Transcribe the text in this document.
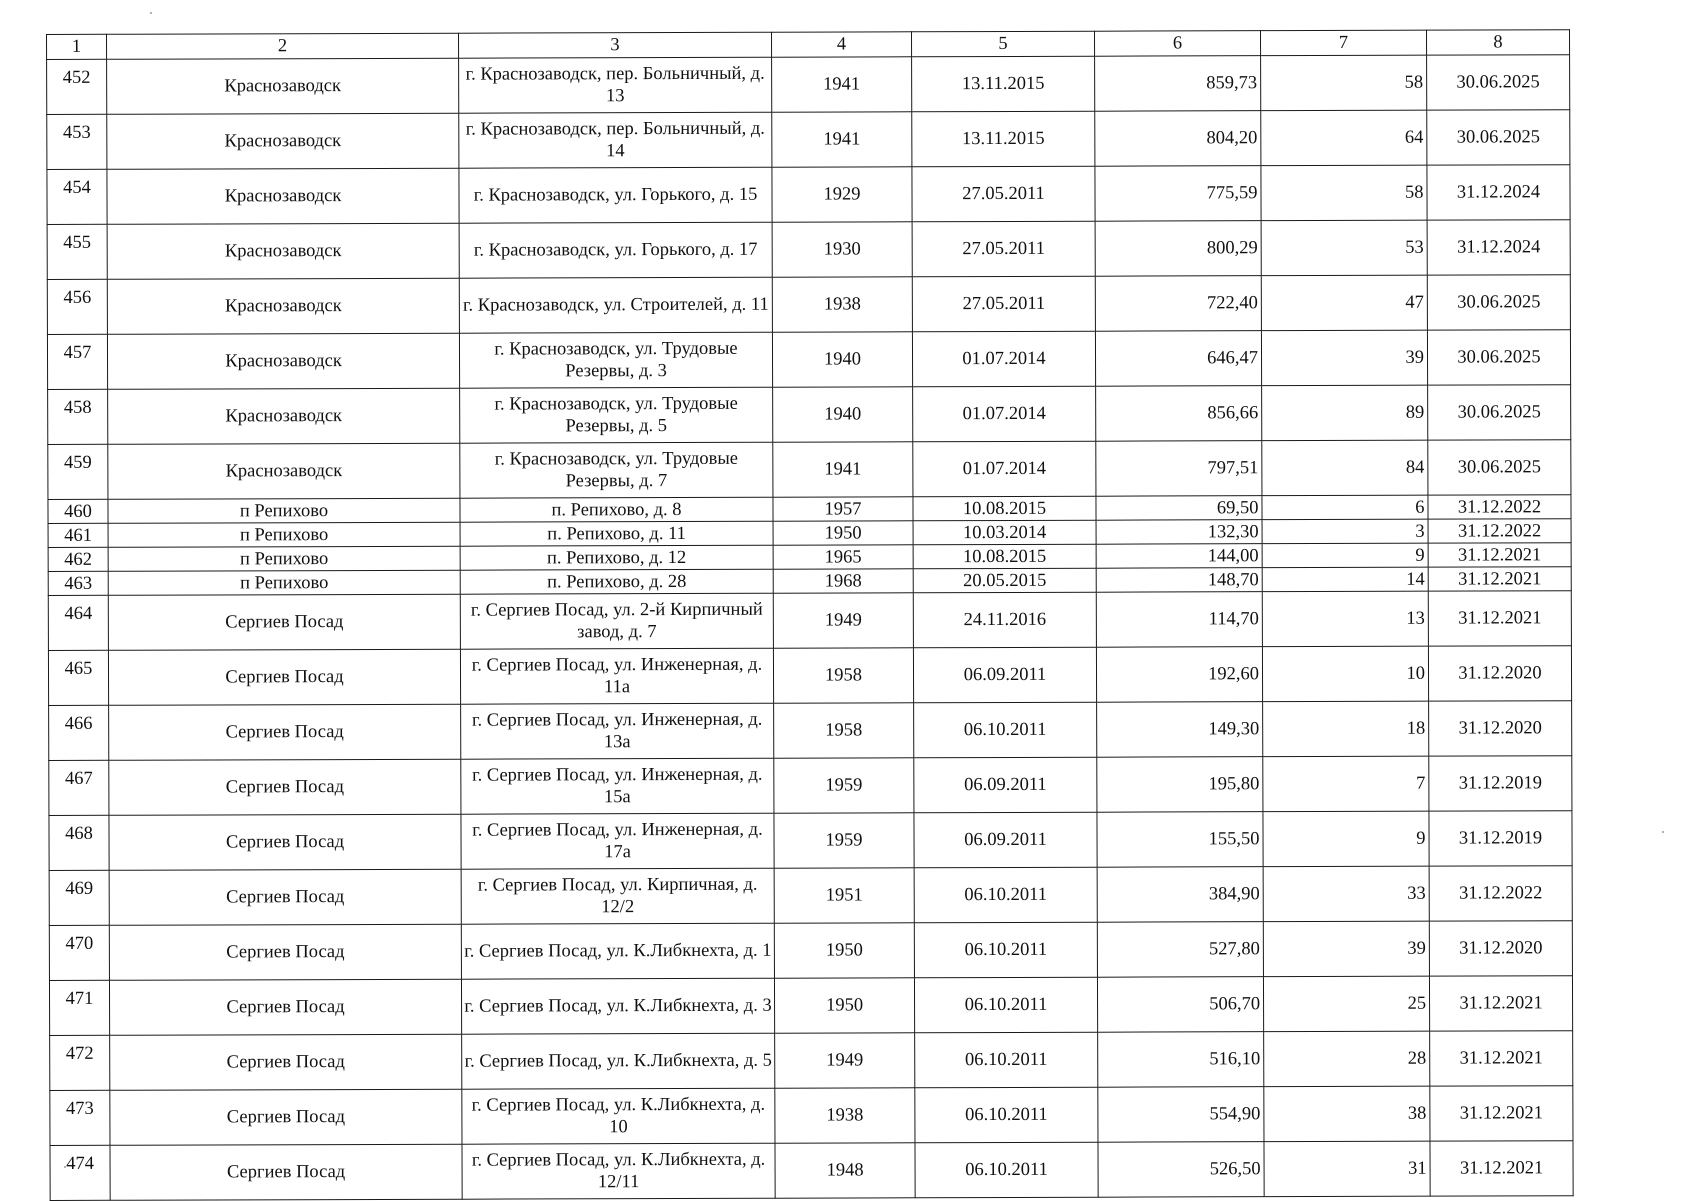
1	2	3	4	5	6	7	8
452	Краснозаводск	г. Краснозаводск, пер. Больничный, д. 13	1941	13.11.2015	859,73	58	30.06.2025
453	Краснозаводск	г. Краснозаводск, пер. Больничный, д. 14	1941	13.11.2015	804,20	64	30.06.2025
454	Краснозаводск	г. Краснозаводск, ул. Горького, д. 15	1929	27.05.2011	775,59	58	31.12.2024
455	Краснозаводск	г. Краснозаводск, ул. Горького, д. 17	1930	27.05.2011	800,29	53	31.12.2024
456	Краснозаводск	г. Краснозаводск, ул. Строителей, д. 11	1938	27.05.2011	722,40	47	30.06.2025
457	Краснозаводск	г. Краснозаводск, ул. Трудовые Резервы, д. 3	1940	01.07.2014	646,47	39	30.06.2025
458	Краснозаводск	г. Краснозаводск, ул. Трудовые Резервы, д. 5	1940	01.07.2014	856,66	89	30.06.2025
459	Краснозаводск	г. Краснозаводск, ул. Трудовые Резервы, д. 7	1941	01.07.2014	797,51	84	30.06.2025
460	п Репихово	п. Репихово, д. 8	1957	10.08.2015	69,50	6	31.12.2022
461	п Репихово	п. Репихово, д. 11	1950	10.03.2014	132,30	3	31.12.2022
462	п Репихово	п. Репихово, д. 12	1965	10.08.2015	144,00	9	31.12.2021
463	п Репихово	п. Репихово, д. 28	1968	20.05.2015	148,70	14	31.12.2021
464	Сергиев Посад	г. Сергиев Посад, ул. 2-й Кирпичный завод, д. 7	1949	24.11.2016	114,70	13	31.12.2021
465	Сергиев Посад	г. Сергиев Посад, ул. Инженерная, д. 11а	1958	06.09.2011	192,60	10	31.12.2020
466	Сергиев Посад	г. Сергиев Посад, ул. Инженерная, д. 13а	1958	06.10.2011	149,30	18	31.12.2020
467	Сергиев Посад	г. Сергиев Посад, ул. Инженерная, д. 15а	1959	06.09.2011	195,80	7	31.12.2019
468	Сергиев Посад	г. Сергиев Посад, ул. Инженерная, д. 17а	1959	06.09.2011	155,50	9	31.12.2019
469	Сергиев Посад	г. Сергиев Посад, ул. Кирпичная, д. 12/2	1951	06.10.2011	384,90	33	31.12.2022
470	Сергиев Посад	г. Сергиев Посад, ул. К.Либкнехта, д. 1	1950	06.10.2011	527,80	39	31.12.2020
471	Сергиев Посад	г. Сергиев Посад, ул. К.Либкнехта, д. 3	1950	06.10.2011	506,70	25	31.12.2021
472	Сергиев Посад	г. Сергиев Посад, ул. К.Либкнехта, д. 5	1949	06.10.2011	516,10	28	31.12.2021
473	Сергиев Посад	г. Сергиев Посад, ул. К.Либкнехта, д. 10	1938	06.10.2011	554,90	38	31.12.2021
474	Сергиев Посад	г. Сергиев Посад, ул. К.Либкнехта, д. 12/11	1948	06.10.2011	526,50	31	31.12.2021
